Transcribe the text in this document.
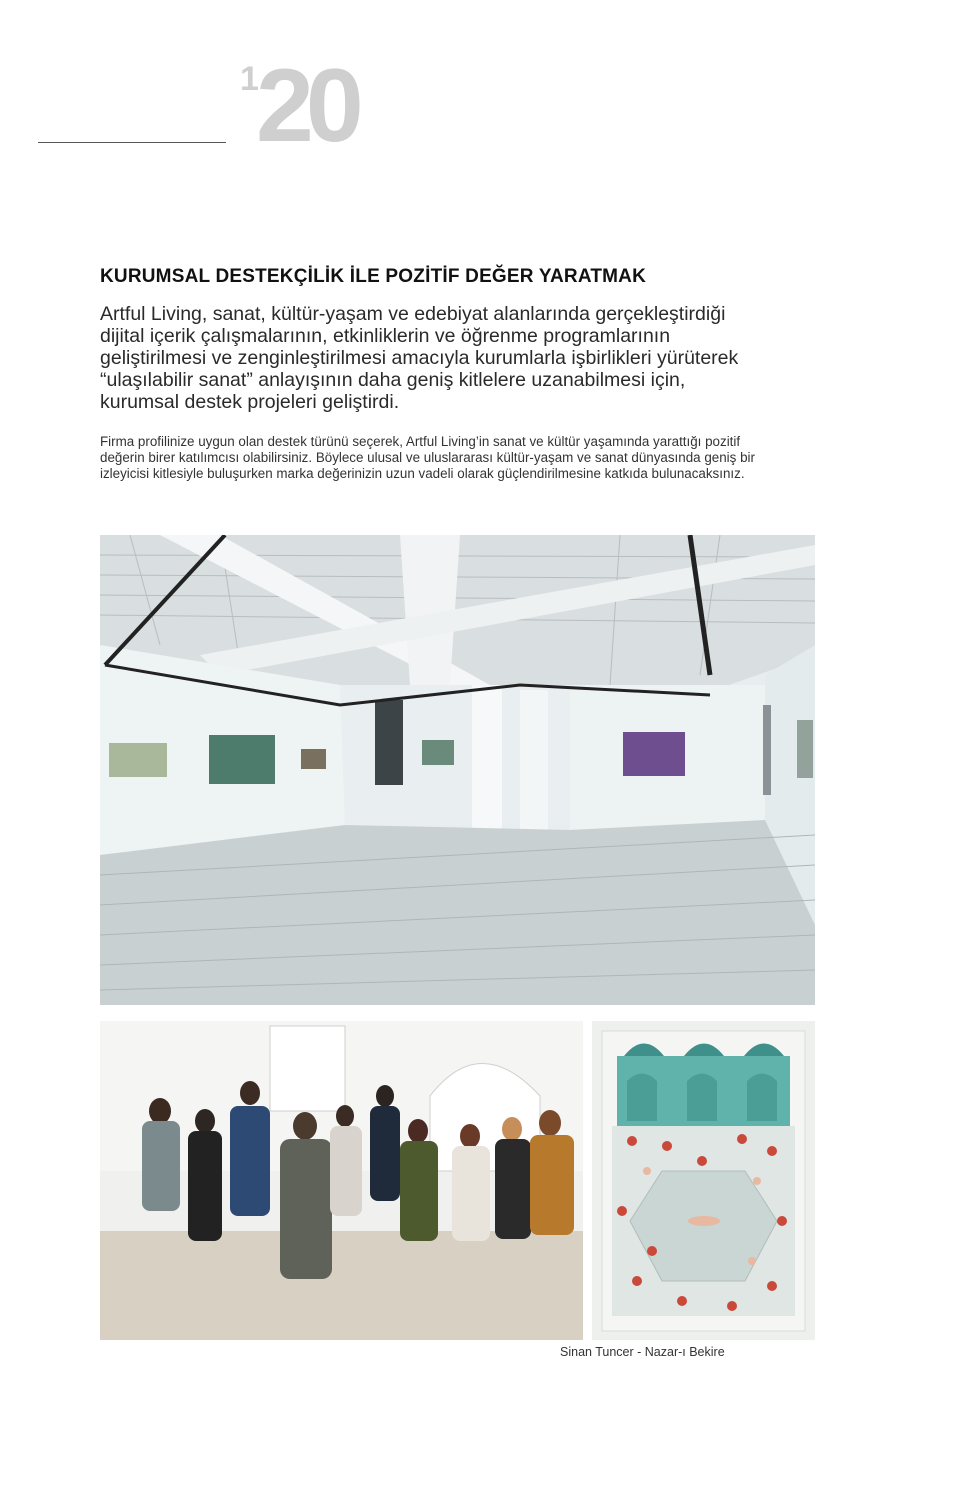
1
20
KURUMSAL DESTEKÇİLİK İLE POZİTİF DEĞER YARATMAK

Artful Living, sanat, kültür-yaşam ve edebiyat alanlarında gerçekleştirdiği dijital içerik çalışmalarının, etkinliklerin ve öğrenme programlarının geliştirilmesi ve zenginleştirilmesi amacıyla kurumlarla işbirlikleri yürüterek “ulaşılabilir sanat” anlayışının daha geniş kitlelere uzanabilmesi için, kurumsal destek projeleri geliştirdi.

Firma profilinize uygun olan destek türünü seçerek, Artful Living’in sanat ve kültür yaşamında yarattığı pozitif değerin birer katılımcısı olabilirsiniz. Böylece ulusal ve uluslararası kültür-yaşam ve sanat dünyasında geniş bir izleyicisi kitlesiyle buluşurken marka değerinizin uzun vadeli olarak güçlendirilmesine katkıda bulunacaksınız.

Sinan Tuncer - Nazar-ı Bekire
